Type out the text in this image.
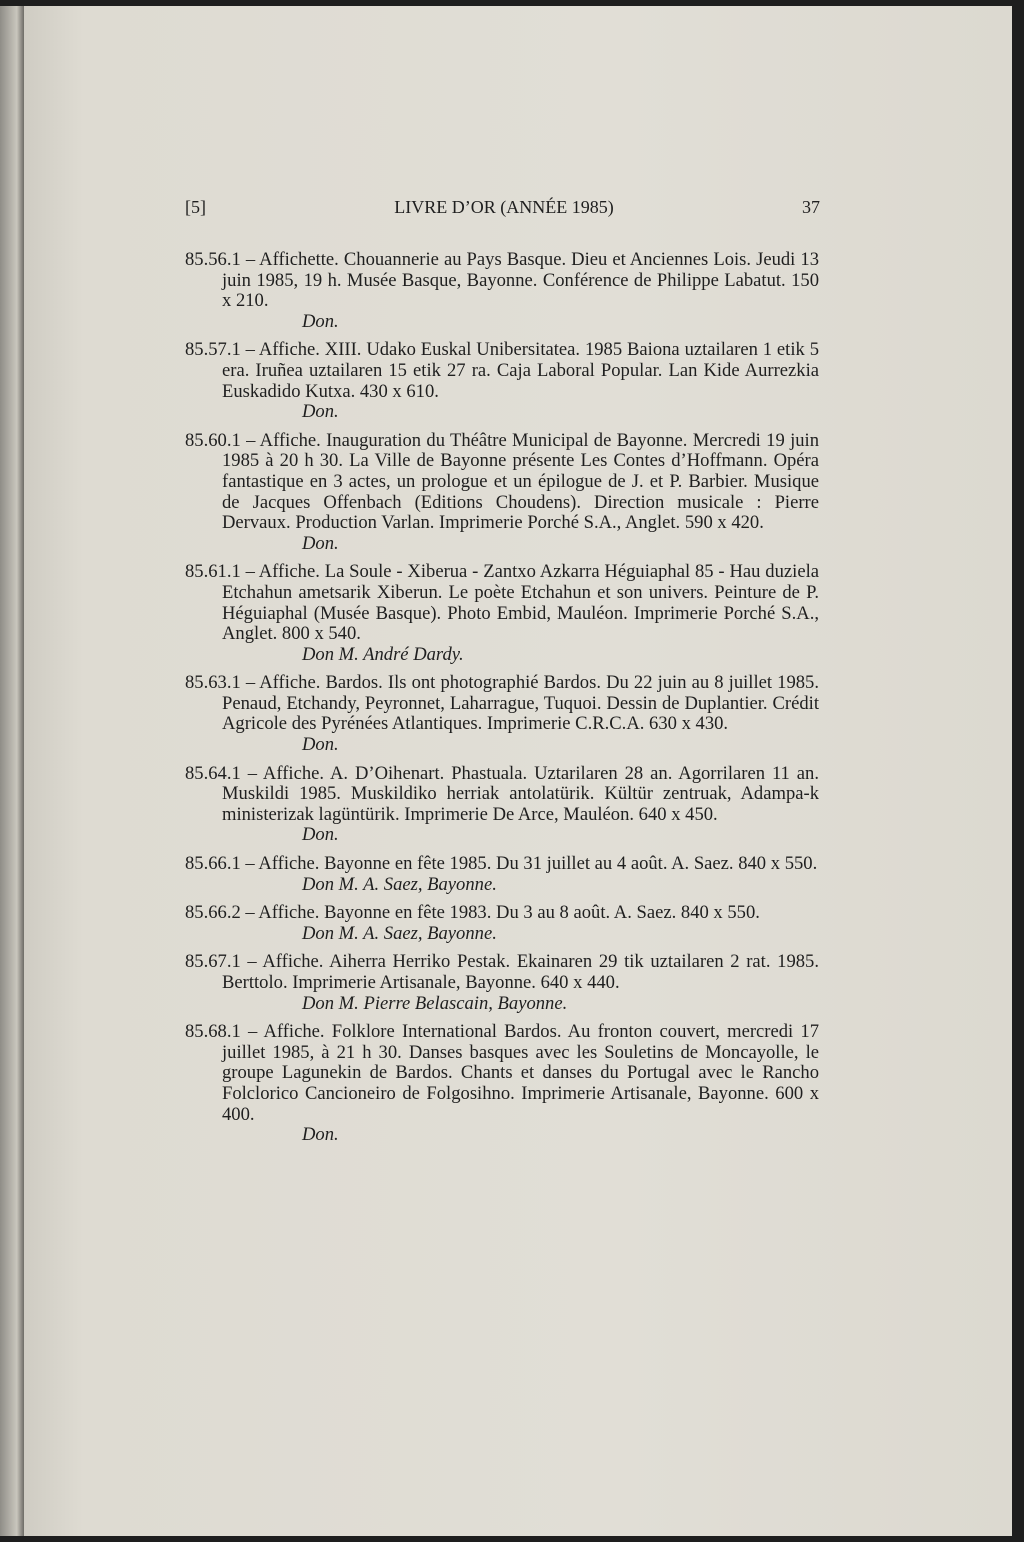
[5]	LIVRE D’OR (ANNÉE 1985)	37
85.56.1 – Affichette. Chouannerie au Pays Basque. Dieu et Anciennes Lois. Jeudi 13 juin 1985, 19 h. Musée Basque, Bayonne. Conférence de Philippe Labatut. 150 x 210.
Don.
85.57.1 – Affiche. XIII. Udako Euskal Unibersitatea. 1985 Baiona uztailaren 1 etik 5 era. Iruñea uztailaren 15 etik 27 ra. Caja Laboral Popular. Lan Kide Aurrezkia Euskadido Kutxa. 430 x 610.
Don.
85.60.1 – Affiche. Inauguration du Théâtre Municipal de Bayonne. Mercredi 19 juin 1985 à 20 h 30. La Ville de Bayonne présente Les Contes d’Hoffmann. Opéra fantastique en 3 actes, un prologue et un épilogue de J. et P. Barbier. Musique de Jacques Offenbach (Editions Choudens). Direction musicale : Pierre Dervaux. Production Varlan. Imprimerie Porché S.A., Anglet. 590 x 420.
Don.
85.61.1 – Affiche. La Soule - Xiberua - Zantxo Azkarra Héguiaphal 85 - Hau duziela Etchahun ametsarik Xiberun. Le poète Etchahun et son univers. Peinture de P. Héguiaphal (Musée Basque). Photo Embid, Mauléon. Imprimerie Porché S.A., Anglet. 800 x 540.
Don M. André Dardy.
85.63.1 – Affiche. Bardos. Ils ont photographié Bardos. Du 22 juin au 8 juillet 1985. Penaud, Etchandy, Peyronnet, Laharrague, Tuquoi. Dessin de Duplantier. Crédit Agricole des Pyrénées Atlantiques. Imprimerie C.R.C.A. 630 x 430.
Don.
85.64.1 – Affiche. A. D’Oihenart. Phastuala. Uztarilaren 28 an. Agorrilaren 11 an. Muskildi 1985. Muskildiko herriak antolatürik. Kültür zentruak, Adampa-k ministerizak lagüntürik. Imprimerie De Arce, Mauléon. 640 x 450.
Don.
85.66.1 – Affiche. Bayonne en fête 1985. Du 31 juillet au 4 août. A. Saez. 840 x 550.
Don M. A. Saez, Bayonne.
85.66.2 – Affiche. Bayonne en fête 1983. Du 3 au 8 août. A. Saez. 840 x 550.
Don M. A. Saez, Bayonne.
85.67.1 – Affiche. Aiherra Herriko Pestak. Ekainaren 29 tik uztailaren 2 rat. 1985. Berttolo. Imprimerie Artisanale, Bayonne. 640 x 440.
Don M. Pierre Belascain, Bayonne.
85.68.1 – Affiche. Folklore International Bardos. Au fronton couvert, mercredi 17 juillet 1985, à 21 h 30. Danses basques avec les Souletins de Moncayolle, le groupe Lagunekin de Bardos. Chants et danses du Portugal avec le Rancho Folclorico Cancioneiro de Folgosihno. Imprimerie Artisanale, Bayonne. 600 x 400.
Don.
